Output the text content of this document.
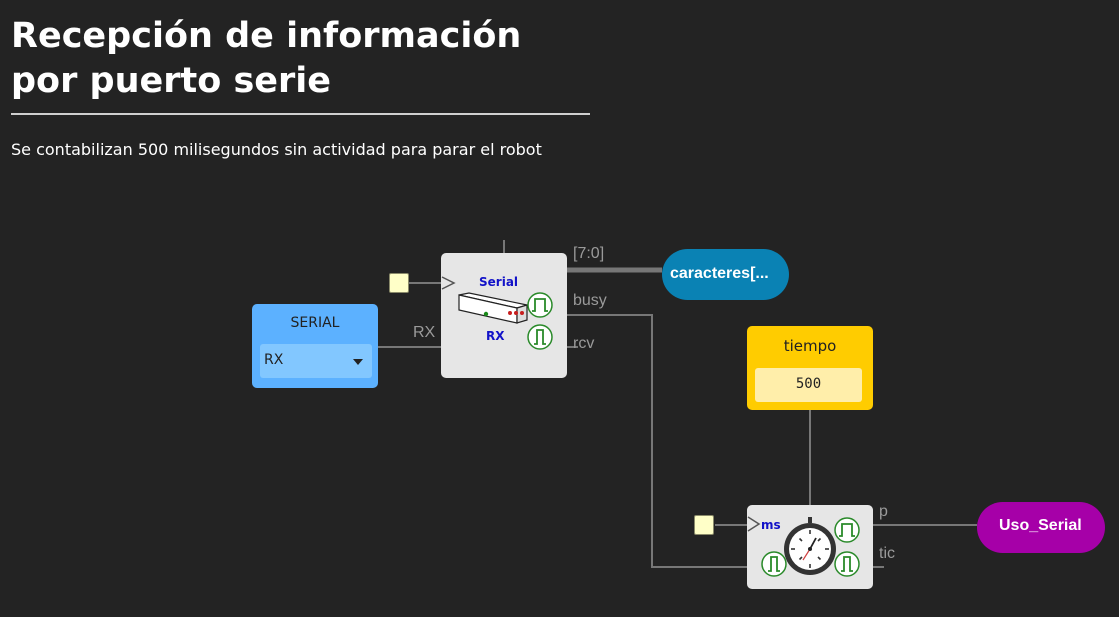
Recepción de información por puerto serie

Se contabilizan 500 milisegundos sin actividad para parar el robot

RX
[7:0]
busy
rcv
p
tic
SERIAL
RX
Serial
RX
caracteres[...
tiempo
500
ms	Uso_Serial
